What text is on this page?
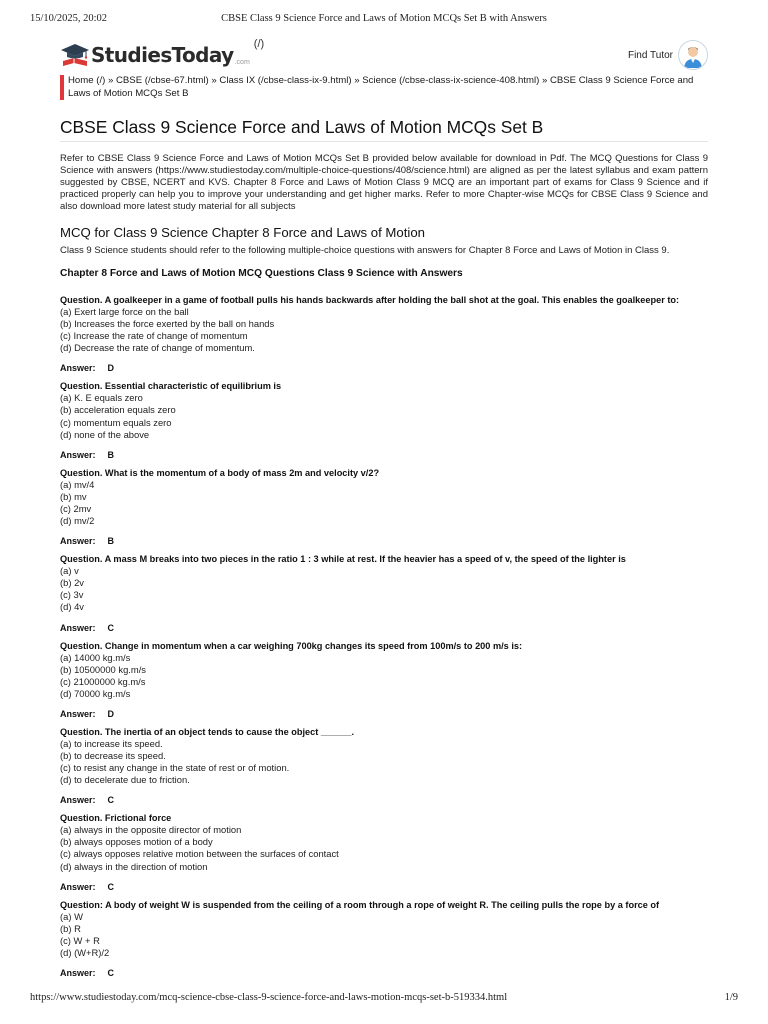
15/10/2025, 20:02	CBSE Class 9 Science Force and Laws of Motion MCQs Set B with Answers
StudiesToday .com
(/)
Find Tutor
Home (/) » CBSE (/cbse-67.html) » Class IX (/cbse-class-ix-9.html) » Science (/cbse-class-ix-science-408.html) » CBSE Class 9 Science Force and Laws of Motion MCQs Set B
CBSE Class 9 Science Force and Laws of Motion MCQs Set B

Refer to CBSE Class 9 Science Force and Laws of Motion MCQs Set B provided below available for download in Pdf. The MCQ Questions for Class 9 Science with answers (https://www.studiestoday.com/multiple-choice-questions/408/science.html) are aligned as per the latest syllabus and exam pattern suggested by CBSE, NCERT and KVS. Chapter 8 Force and Laws of Motion Class 9 MCQ are an important part of exams for Class 9 Science and if practiced properly can help you to improve your understanding and get higher marks. Refer to more Chapter-wise MCQs for CBSE Class 9 Science and also download more latest study material for all subjects

MCQ for Class 9 Science Chapter 8 Force and Laws of Motion
Class 9 Science students should refer to the following multiple-choice questions with answers for Chapter 8 Force and Laws of Motion in Class 9.
Chapter 8 Force and Laws of Motion MCQ Questions Class 9 Science with Answers
Question. A goalkeeper in a game of football pulls his hands backwards after holding the ball shot at the goal. This enables the goalkeeper to:
(a) Exert large force on the ball
(b) Increases the force exerted by the ball on hands
(c) Increase the rate of change of momentum
(d) Decrease the rate of change of momentum.
Answer: D
Question. Essential characteristic of equilibrium is
(a) K. E equals zero
(b) acceleration equals zero
(c) momentum equals zero
(d) none of the above
Answer: B
Question. What is the momentum of a body of mass 2m and velocity v/2?
(a) mv/4
(b) mv
(c) 2mv
(d) mv/2
Answer: B
Question. A mass M breaks into two pieces in the ratio 1 : 3 while at rest. If the heavier has a speed of v, the speed of the lighter is
(a) v
(b) 2v
(c) 3v
(d) 4v
Answer: C
Question. Change in momentum when a car weighing 700kg changes its speed from 100m/s to 200 m/s is:
(a) 14000 kg.m/s
(b) 10500000 kg.m/s
(c) 21000000 kg.m/s
(d) 70000 kg.m/s
Answer: D
Question. The inertia of an object tends to cause the object ______.
(a) to increase its speed.
(b) to decrease its speed.
(c) to resist any change in the state of rest or of motion.
(d) to decelerate due to friction.
Answer: C
Question. Frictional force
(a) always in the opposite director of motion
(b) always opposes motion of a body
(c) always opposes relative motion between the surfaces of contact
(d) always in the direction of motion
Answer: C
Question: A body of weight W is suspended from the ceiling of a room through a rope of weight R. The ceiling pulls the rope by a force of
(a) W
(b) R
(c) W + R
(d) (W+R)/2
Answer: C
https://www.studiestoday.com/mcq-science-cbse-class-9-science-force-and-laws-motion-mcqs-set-b-519334.html	1/9
